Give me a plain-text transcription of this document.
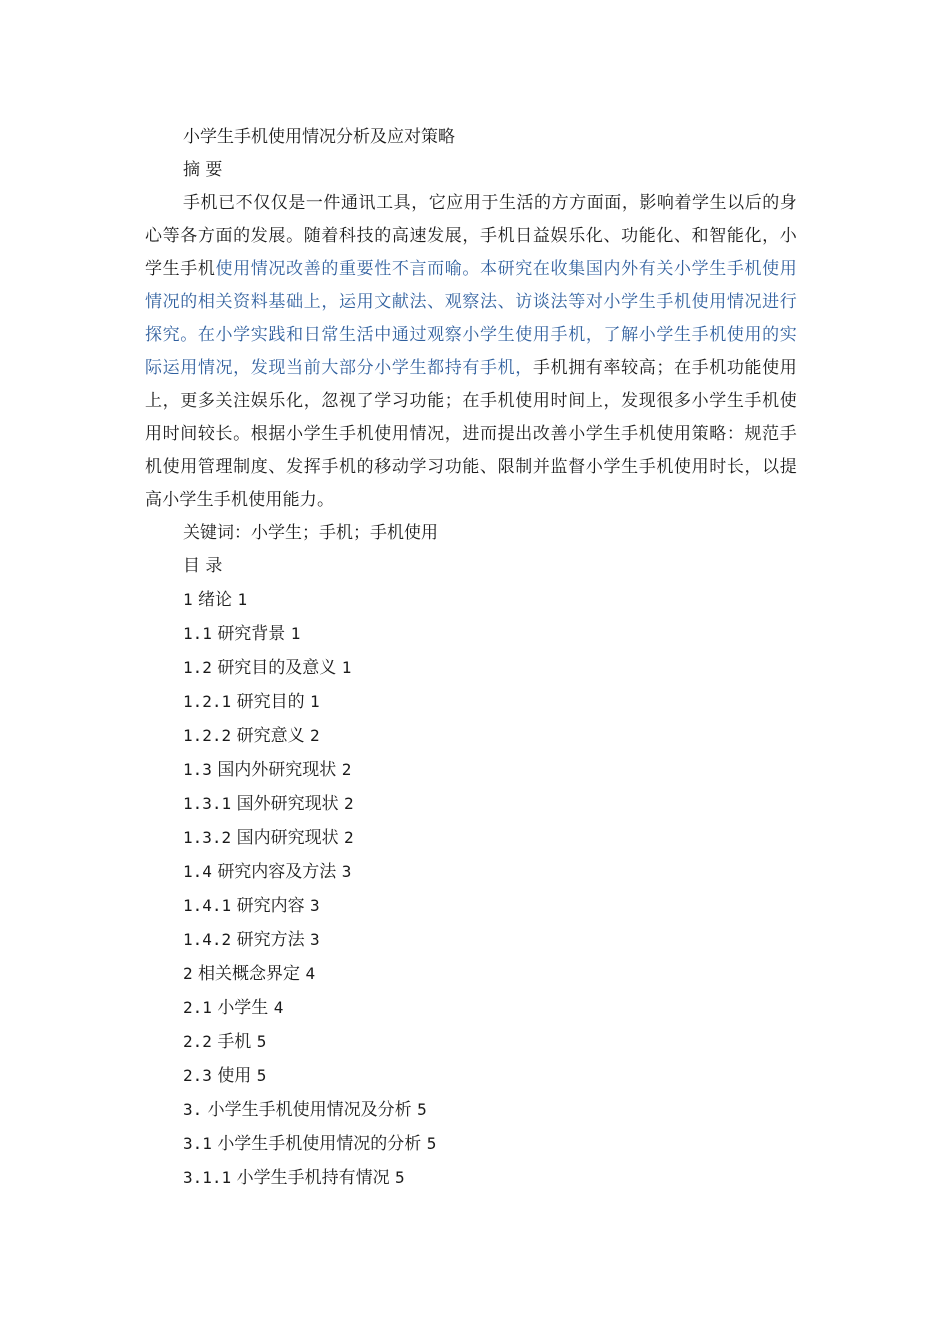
小学生手机使用情况分析及应对策略
摘 要

手机已不仅仅是一件通讯工具，它应用于生活的方方面面，影响着学生以后的身心等各方面的发展。随着科技的高速发展，手机日益娱乐化、功能化、和智能化，小学生手机使用情况改善的重要性不言而喻。本研究在收集国内外有关小学生手机使用情况的相关资料基础上，运用文献法、观察法、访谈法等对小学生手机使用情况进行探究。在小学实践和日常生活中通过观察小学生使用手机，了解小学生手机使用的实际运用情况，发现当前大部分小学生都持有手机，手机拥有率较高；在手机功能使用上，更多关注娱乐化，忽视了学习功能；在手机使用时间上，发现很多小学生手机使用时间较长。根据小学生手机使用情况，进而提出改善小学生手机使用策略：规范手机使用管理制度、发挥手机的移动学习功能、限制并监督小学生手机使用时长，以提高小学生手机使用能力。

关键词：小学生；手机；手机使用
目 录
1 绪论 1
1.1 研究背景 1
1.2 研究目的及意义 1
1.2.1 研究目的 1
1.2.2 研究意义 2
1.3 国内外研究现状 2
1.3.1 国外研究现状 2
1.3.2 国内研究现状 2
1.4 研究内容及方法 3
1.4.1 研究内容 3
1.4.2 研究方法 3
2 相关概念界定 4
2.1 小学生 4
2.2 手机 5
2.3 使用 5
3. 小学生手机使用情况及分析 5
3.1 小学生手机使用情况的分析 5
3.1.1 小学生手机持有情况 5
